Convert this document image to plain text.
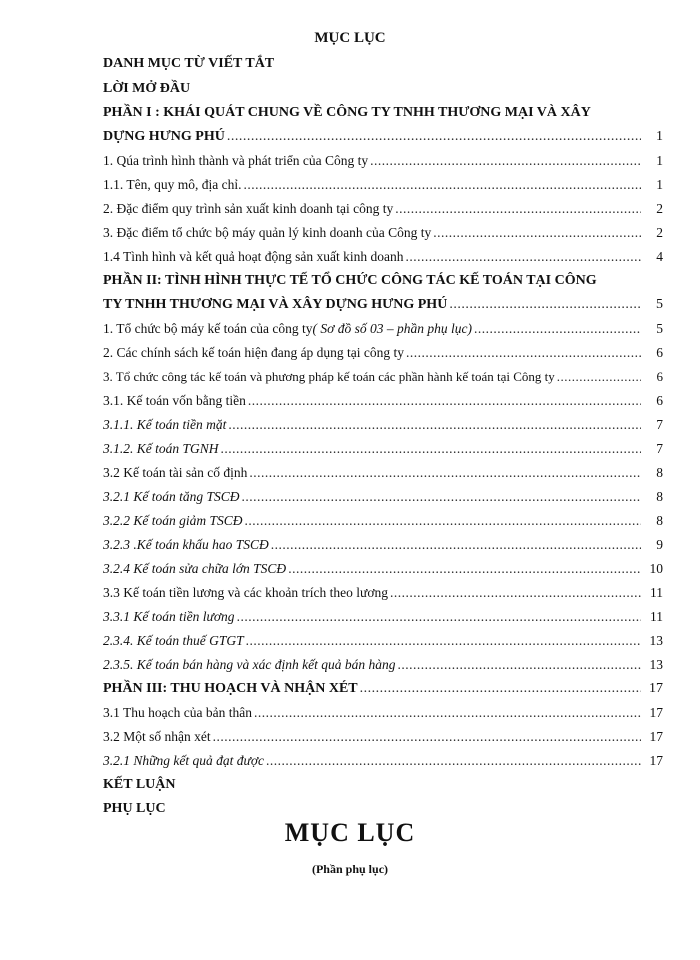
MỤC LỤC
DANH MỤC TỪ VIẾT TẮT
LỜI MỞ ĐẦU
PHẦN I : KHÁI QUÁT CHUNG VỀ CÔNG TY TNHH THƯƠNG MẠI VÀ XÂY
DỰNG HƯNG PHÚ .....	1
1. Qúa trình hình thành và phát triển của Công ty .....	1
1.1. Tên, quy mô, địa chỉ. .....	1
2. Đặc điểm quy trình sản xuất kinh doanh tại công ty .....	2
3. Đặc điểm tổ chức bộ máy quản lý kinh doanh của Công ty .....	2
1.4 Tình hình và kết quả hoạt động sản xuất kinh doanh .....	4
PHẦN II: TÌNH HÌNH THỰC TẾ TỔ CHỨC CÔNG TÁC KẾ TOÁN TẠI CÔNG
TY TNHH THƯƠNG MẠI VÀ XÂY DỰNG HƯNG PHÚ .....	5
1. Tổ chức bộ máy kế toán của công ty( Sơ đồ số 03 – phần phụ lục) .....	5
2. Các chính sách kế toán hiện đang áp dụng tại công ty .....	6
3. Tổ chức công tác kế toán và phương pháp kế toán các phần hành kế toán tại Công ty .....	6
3.1. Kế toán vốn bằng tiền .....	6
3.1.1. Kế toán tiền mặt .....	7
3.1.2. Kế toán TGNH .....	7
3.2 Kế toán tài sản cố định .....	8
3.2.1 Kế toán tăng TSCĐ .....	8
3.2.2 Kế toán giảm TSCĐ .....	8
3.2.3 .Kế toán khấu hao TSCĐ .....	9
3.2.4 Kế toán sửa chữa lớn TSCĐ .....	10
3.3 Kế toán tiền lương và các khoản trích theo lương .....	11
3.3.1 Kế toán tiền lương .....	11
2.3.4. Kế toán thuế GTGT .....	13
2.3.5. Kế toán bán hàng và xác định kết quả bán hàng .....	13
PHẦN III: THU HOẠCH VÀ NHẬN XÉT .....	17
3.1 Thu hoạch của bản thân .....	17
3.2 Một số nhận xét .....	17
3.2.1 Những kết quả đạt được .....	17
KẾT LUẬN
PHỤ LỤC
MỤC LỤC
(Phần phụ lục)
